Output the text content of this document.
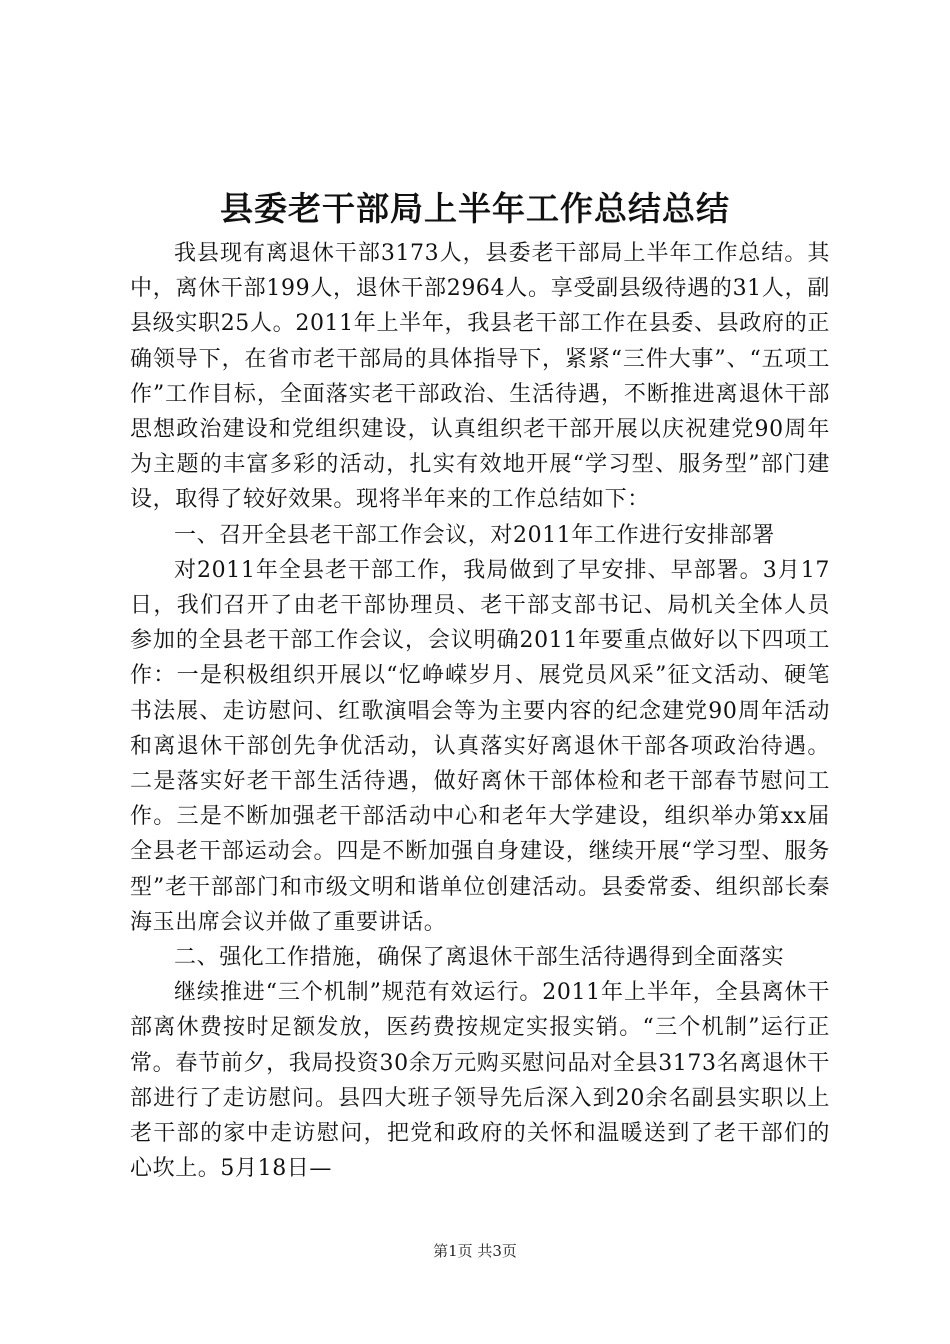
县委老干部局上半年工作总结总结

我县现有离退休干部3173人，县委老干部局上半年工作总结。其中，离休干部199人，退休干部2964人。享受副县级待遇的31人，副县级实职25人。2011年上半年，我县老干部工作在县委、县政府的正确领导下，在省市老干部局的具体指导下，紧紧“三件大事”、“五项工作”工作目标，全面落实老干部政治、生活待遇，不断推进离退休干部思想政治建设和党组织建设，认真组织老干部开展以庆祝建党90周年为主题的丰富多彩的活动，扎实有效地开展“学习型、服务型”部门建设，取得了较好效果。现将半年来的工作总结如下：

一、召开全县老干部工作会议，对2011年工作进行安排部署

对2011年全县老干部工作，我局做到了早安排、早部署。3月17日，我们召开了由老干部协理员、老干部支部书记、局机关全体人员参加的全县老干部工作会议，会议明确2011年要重点做好以下四项工作：一是积极组织开展以“忆峥嵘岁月、展党员风采”征文活动、硬笔书法展、走访慰问、红歌演唱会等为主要内容的纪念建党90周年活动和离退休干部创先争优活动，认真落实好离退休干部各项政治待遇。二是落实好老干部生活待遇，做好离休干部体检和老干部春节慰问工作。三是不断加强老干部活动中心和老年大学建设，组织举办第xx届全县老干部运动会。四是不断加强自身建设，继续开展“学习型、服务型”老干部部门和市级文明和谐单位创建活动。县委常委、组织部长秦海玉出席会议并做了重要讲话。

二、强化工作措施，确保了离退休干部生活待遇得到全面落实

继续推进“三个机制”规范有效运行。2011年上半年，全县离休干部离休费按时足额发放，医药费按规定实报实销。“三个机制”运行正常。春节前夕，我局投资30余万元购买慰问品对全县3173名离退休干部进行了走访慰问。县四大班子领导先后深入到20余名副县实职以上老干部的家中走访慰问，把党和政府的关怀和温暖送到了老干部们的心坎上。5月18日—

第1页 共3页
